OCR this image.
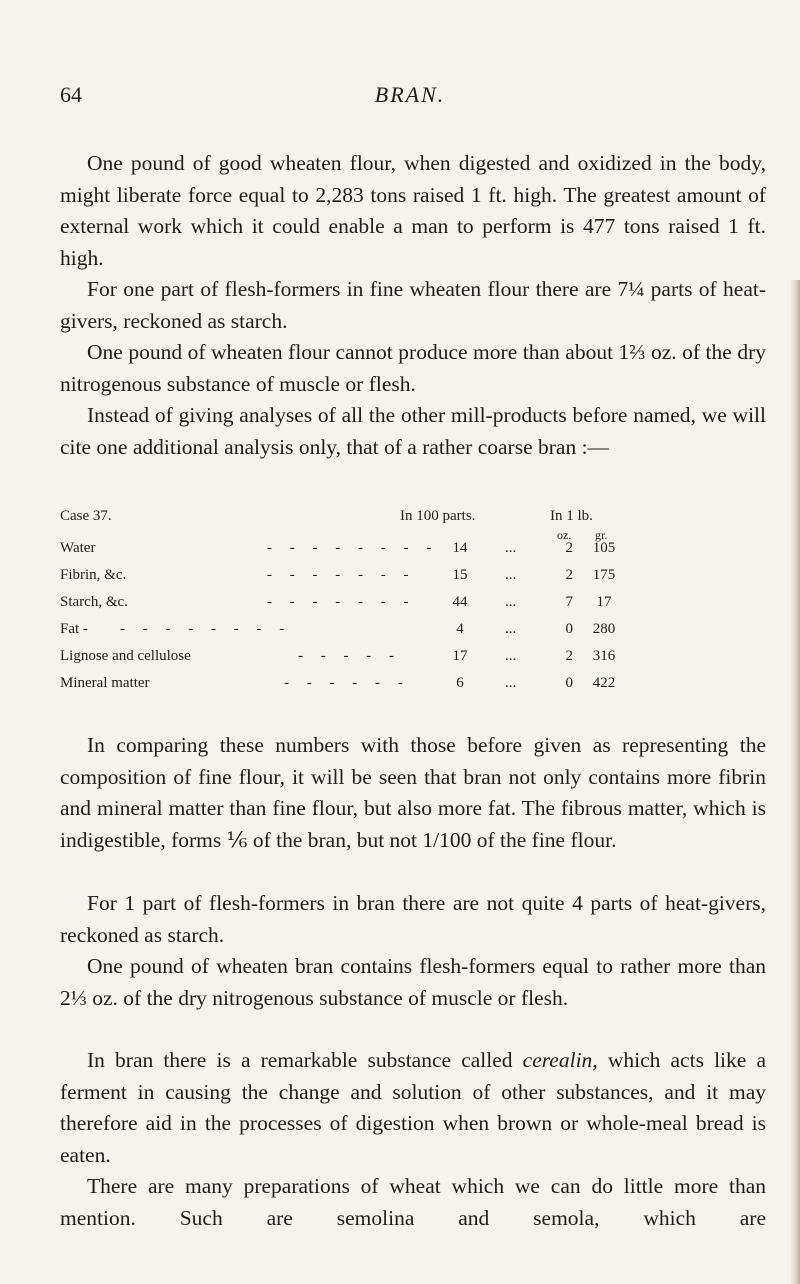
64	BRAN.

One pound of good wheaten flour, when digested and oxidized in the body, might liberate force equal to 2,283 tons raised 1 ft. high. The greatest amount of external work which it could enable a man to perform is 477 tons raised 1 ft. high.

For one part of flesh-formers in fine wheaten flour there are 7¼ parts of heat-givers, reckoned as starch.

One pound of wheaten flour cannot produce more than about 1⅔ oz. of the dry nitrogenous substance of muscle or flesh.

Instead of giving analyses of all the other mill-products before named, we will cite one additional analysis only, that of a rather coarse bran :—

Case 37.	In 100 parts.	In 1 lb.
oz. gr.
Water	- - - - - - - - 14	...	2	105
Fibrin, &c.	- - - - - - -	15	...	2	175
Starch, &c.	- - - - - - -	44	...	7	17
Fat - - - - - - - - -	4	...	0	280
Lignose and cellulose	- - - - -	17	...	2	316
Mineral matter	- - - - - -	6	...	0	422

In comparing these numbers with those before given as representing the composition of fine flour, it will be seen that bran not only contains more fibrin and mineral matter than fine flour, but also more fat. The fibrous matter, which is indigestible, forms ⅙ of the bran, but not 1/100 of the fine flour.

For 1 part of flesh-formers in bran there are not quite 4 parts of heat-givers, reckoned as starch.

One pound of wheaten bran contains flesh-formers equal to rather more than 2⅓ oz. of the dry nitrogenous substance of muscle or flesh.

In bran there is a remarkable substance called cerealin, which acts like a ferment in causing the change and solution of other substances, and it may therefore aid in the processes of digestion when brown or whole-meal bread is eaten.

There are many preparations of wheat which we can do little more than mention. Such are semolina and semola, which are
